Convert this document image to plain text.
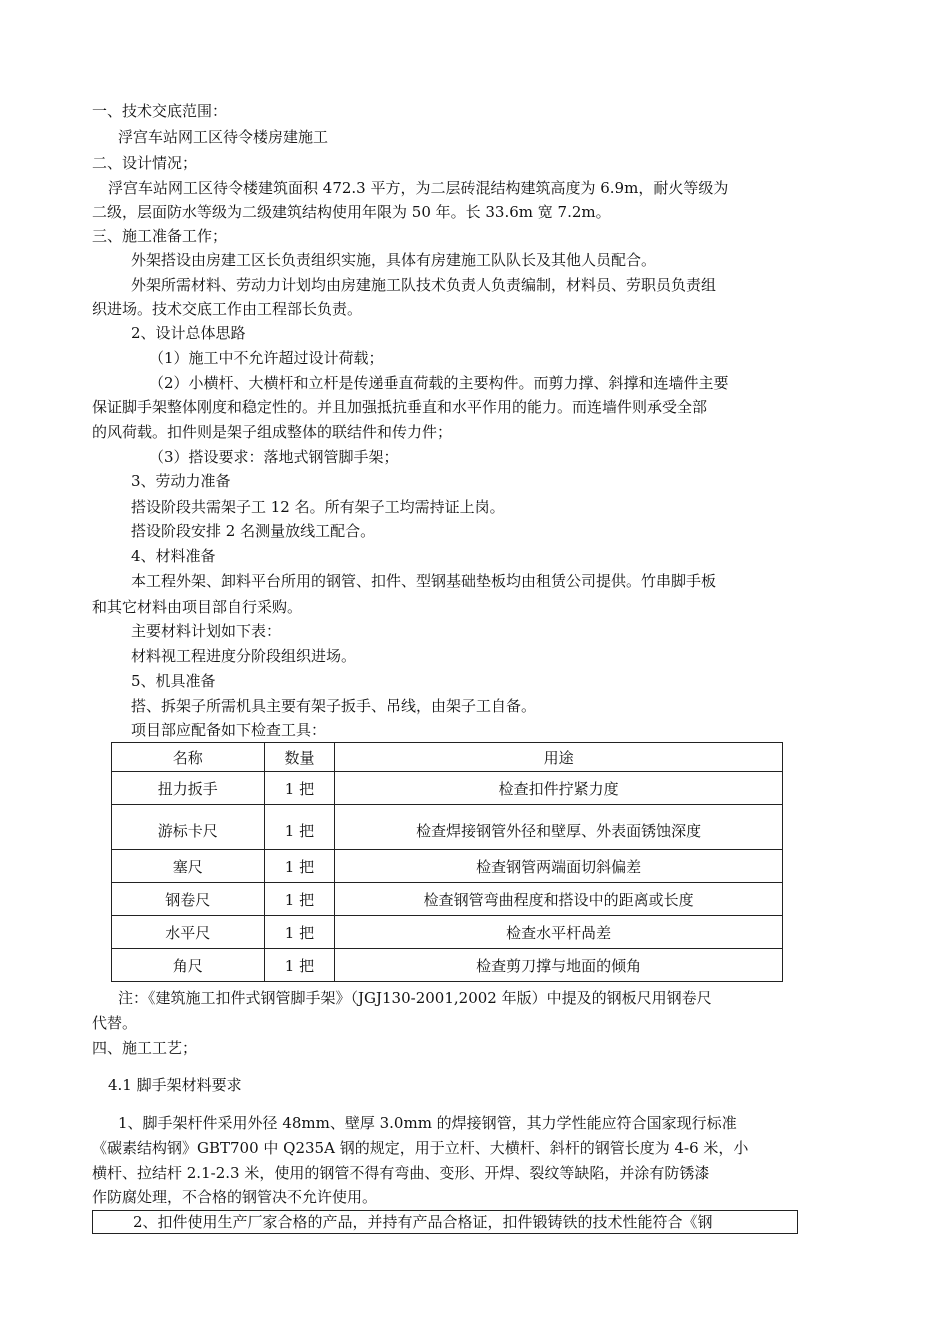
一、技术交底范围：
浮宫车站网工区待令楼房建施工
二、设计情况；
浮宫车站网工区待令楼建筑面积 472.3 平方，为二层砖混结构建筑高度为 6.9m，耐火等级为
二级，层面防水等级为二级建筑结构使用年限为 50 年。长 33.6m 宽 7.2m。
三、施工准备工作；
外架搭设由房建工区长负责组织实施，具体有房建施工队队长及其他人员配合。
外架所需材料、劳动力计划均由房建施工队技术负责人负责编制，材料员、劳职员负责组
织进场。技术交底工作由工程部长负责。
2、设计总体思路
（1）施工中不允许超过设计荷载；
（2）小横杆、大横杆和立杆是传递垂直荷载的主要构件。而剪力撑、斜撑和连墙件主要
保证脚手架整体刚度和稳定性的。并且加强抵抗垂直和水平作用的能力。而连墙件则承受全部
的风荷载。扣件则是架子组成整体的联结件和传力件；
（3）搭设要求：落地式钢管脚手架；
3、劳动力准备
搭设阶段共需架子工 12 名。所有架子工均需持证上岗。
搭设阶段安排 2 名测量放线工配合。
4、材料准备
本工程外架、卸料平台所用的钢管、扣件、型钢基础垫板均由租赁公司提供。竹串脚手板
和其它材料由项目部自行采购。
主要材料计划如下表：
材料视工程进度分阶段组织进场。
5、机具准备
搭、拆架子所需机具主要有架子扳手、吊线，由架子工自备。
项目部应配备如下检查工具：
名称	数量	用途
扭力扳手	1 把	检查扣件拧紧力度
游标卡尺	1 把	检查焊接钢管外径和壁厚、外表面锈蚀深度
塞尺	1 把	检查钢管两端面切斜偏差
钢卷尺	1 把	检查钢管弯曲程度和搭设中的距离或长度
水平尺	1 把	检查水平杆咼差
角尺	1 把	检查剪刀撑与地面的倾角
注：《建筑施工扣件式钢管脚手架》（JGJ130-2001,2002 年版）中提及的钢板尺用钢卷尺
代替。
四、施工工艺；
4.1 脚手架材料要求
1、脚手架杆件采用外径 48mm、壁厚 3.0mm 的焊接钢管，其力学性能应符合国家现行标准
《碳素结构钢》GBT700 中 Q235A 钢的规定，用于立杆、大横杆、斜杆的钢管长度为 4-6 米，小
横杆、拉结杆 2.1-2.3 米，使用的钢管不得有弯曲、变形、开焊、裂纹等缺陷，并涂有防锈漆
作防腐处理，不合格的钢管决不允许使用。
2、扣件使用生产厂家合格的产品，并持有产品合格证，扣件锻铸铁的技术性能符合《钢
